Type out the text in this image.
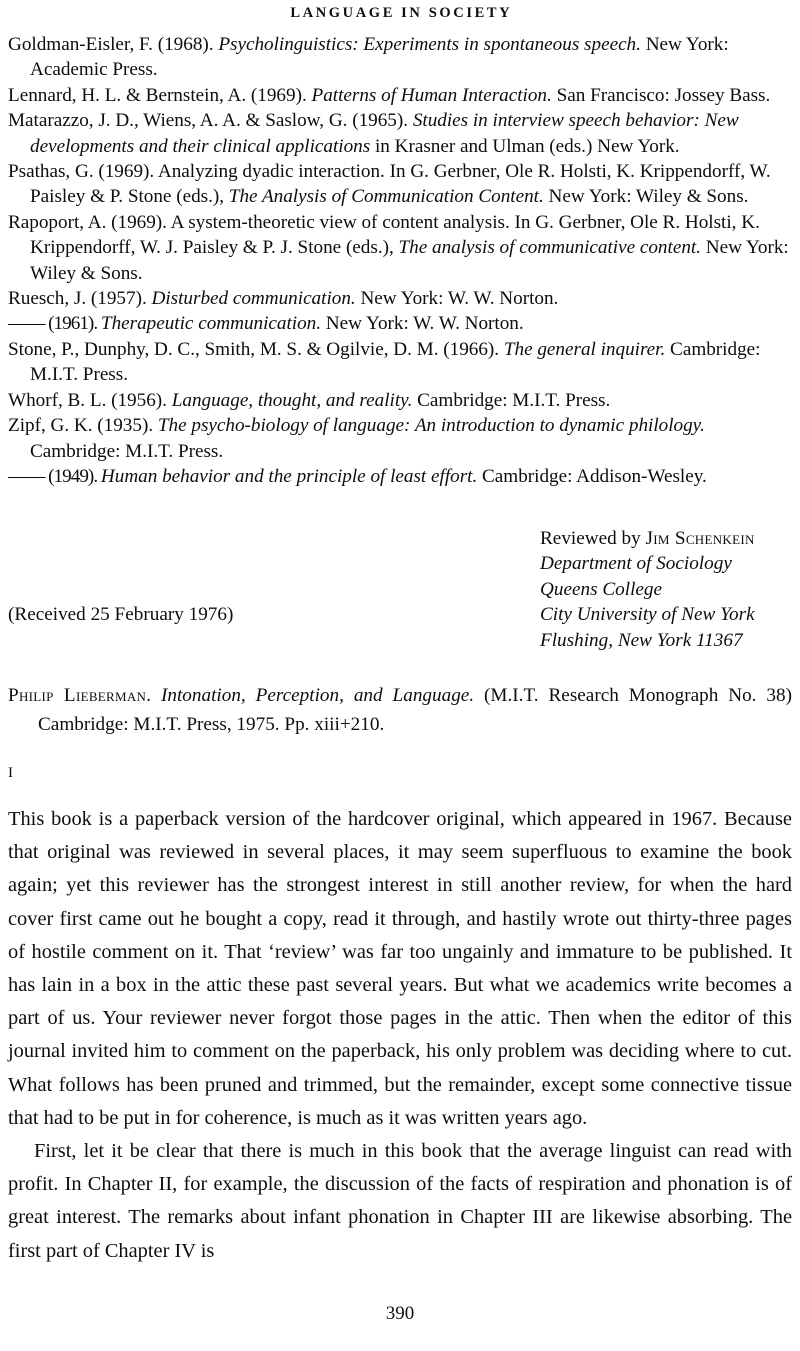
LANGUAGE IN SOCIETY

Goldman-Eisler, F. (1968). Psycholinguistics: Experiments in spontaneous speech. New York: Academic Press.

Lennard, H. L. & Bernstein, A. (1969). Patterns of Human Interaction. San Francisco: Jossey Bass.

Matarazzo, J. D., Wiens, A. A. & Saslow, G. (1965). Studies in interview speech behavior: New developments and their clinical applications in Krasner and Ulman (eds.) New York.

Psathas, G. (1969). Analyzing dyadic interaction. In G. Gerbner, Ole R. Holsti, K. Krippendorff, W. Paisley & P. Stone (eds.), The Analysis of Communication Content. New York: Wiley & Sons.

Rapoport, A. (1969). A system-theoretic view of content analysis. In G. Gerbner, Ole R. Holsti, K. Krippendorff, W. J. Paisley & P. J. Stone (eds.), The analysis of communicative content. New York: Wiley & Sons.

Ruesch, J. (1957). Disturbed communication. New York: W. W. Norton.

—— (1961). Therapeutic communication. New York: W. W. Norton.

Stone, P., Dunphy, D. C., Smith, M. S. & Ogilvie, D. M. (1966). The general inquirer. Cambridge: M.I.T. Press.

Whorf, B. L. (1956). Language, thought, and reality. Cambridge: M.I.T. Press.

Zipf, G. K. (1935). The psycho-biology of language: An introduction to dynamic philology. Cambridge: M.I.T. Press.

—— (1949). Human behavior and the principle of least effort. Cambridge: Addison-Wesley.

Reviewed by Jim Schenkein
Department of Sociology
Queens College
City University of New York
Flushing, New York 11367
(Received 25 February 1976)
Philip Lieberman. Intonation, Perception, and Language. (M.I.T. Research Monograph No. 38) Cambridge: M.I.T. Press, 1975. Pp. xiii+210.
I

This book is a paperback version of the hardcover original, which appeared in 1967. Because that original was reviewed in several places, it may seem superfluous to examine the book again; yet this reviewer has the strongest interest in still another review, for when the hard cover first came out he bought a copy, read it through, and hastily wrote out thirty-three pages of hostile comment on it. That ‘review’ was far too ungainly and immature to be published. It has lain in a box in the attic these past several years. But what we academics write becomes a part of us. Your reviewer never forgot those pages in the attic. Then when the editor of this journal invited him to comment on the paperback, his only problem was deciding where to cut. What follows has been pruned and trimmed, but the remainder, except some connective tissue that had to be put in for coherence, is much as it was written years ago.

First, let it be clear that there is much in this book that the average linguist can read with profit. In Chapter II, for example, the discussion of the facts of respiration and phonation is of great interest. The remarks about infant phonation in Chapter III are likewise absorbing. The first part of Chapter IV is

390
